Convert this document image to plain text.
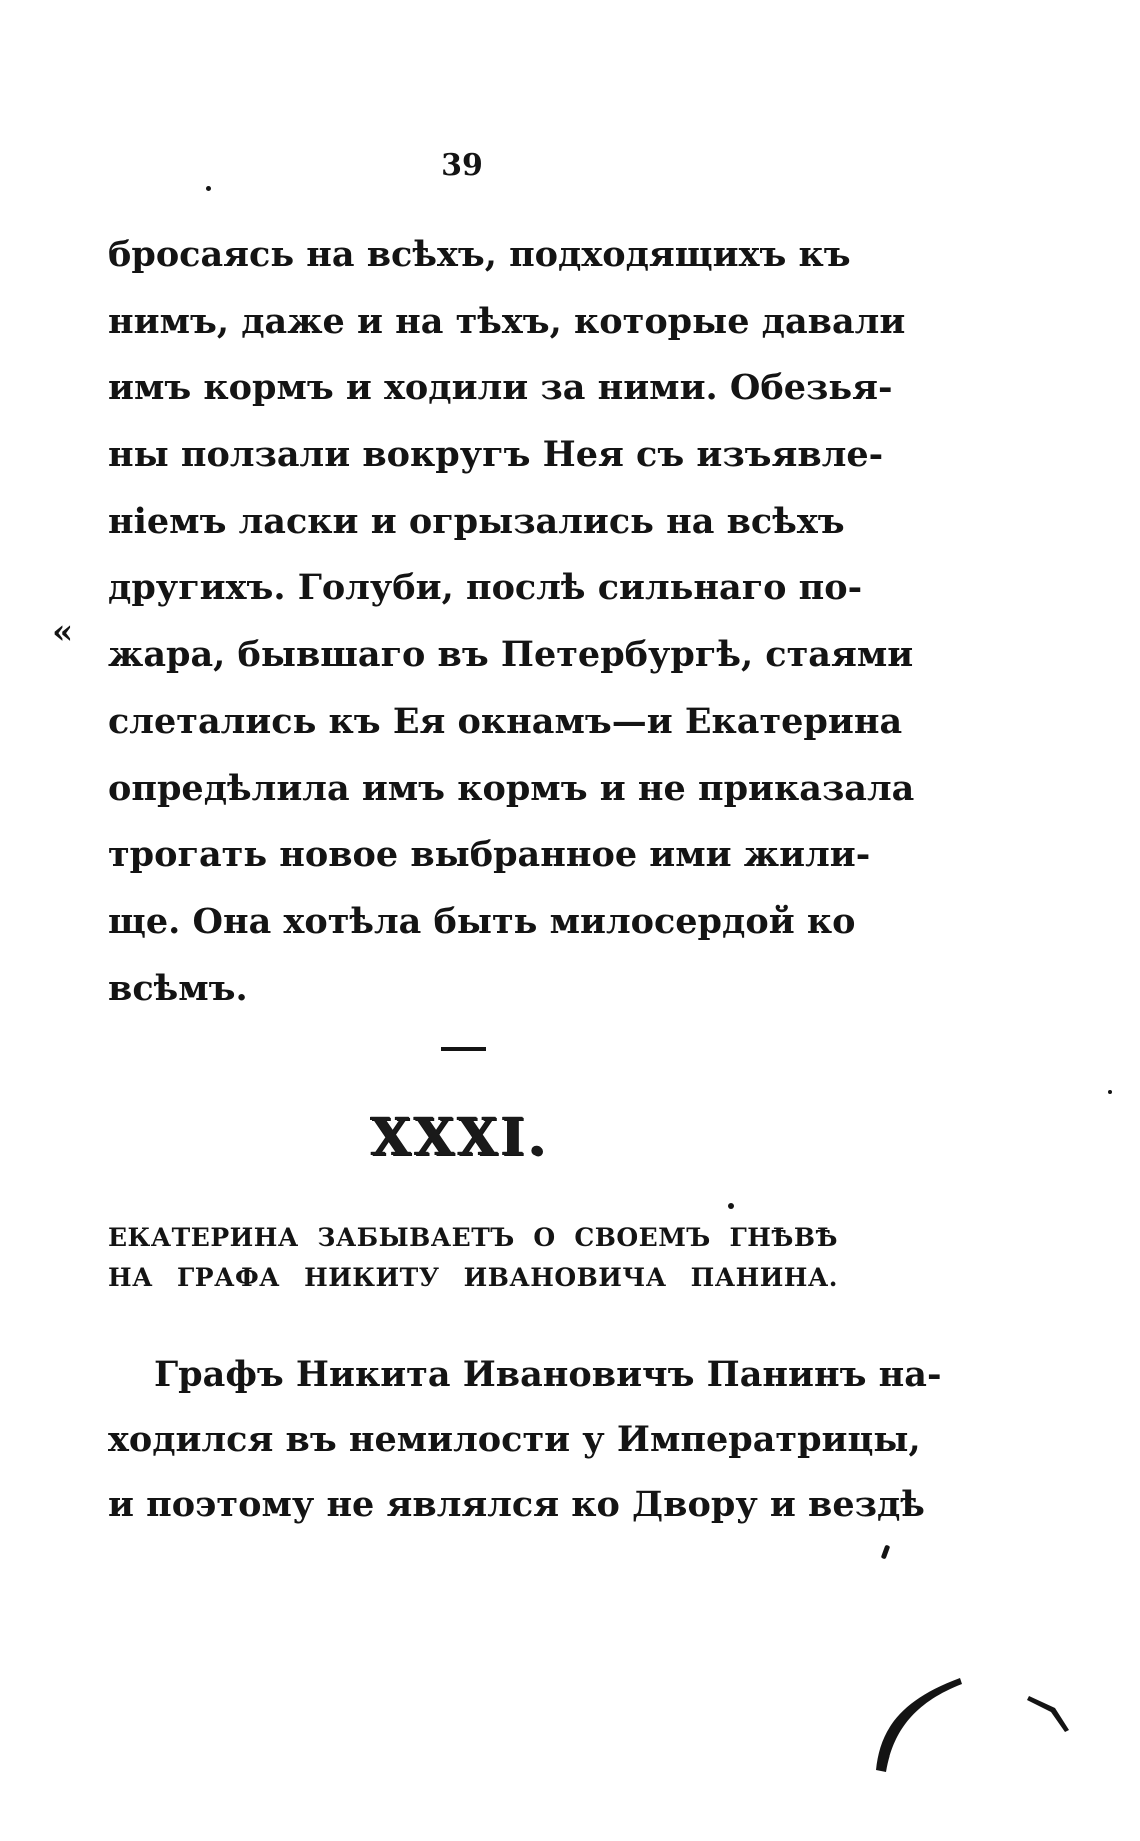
39
бросаясь на всѣхъ, подходящихъ къ
нимъ, даже и на тѣхъ, которые давали
имъ кормъ и ходили за ними. Обезья-
ны ползали вокругъ Нея съ изъявле-
ніемъ ласки и огрызались на всѣхъ
другихъ. Голуби, послѣ сильнаго по-
жара, бывшаго въ Петербургѣ, стаями
слетались къ Ея окнамъ—и Екатерина
опредѣлила имъ кормъ и не приказала
трогать новое выбранное ими жили-
ще. Она хотѣла быть милосердой ко
всѣмъ.
«
XXXI.
ЕКАТЕРИНА ЗАБЫВАЕТЪ О СВОЕМЪ ГНѢВѢ
НА ГРАФА НИКИТУ ИВАНОВИЧА ПАНИНА.
Графъ Никита Ивановичъ Панинъ на-
ходился въ немилости у Императрицы,
и поэтому не являлся ко Двору и вездѣ
